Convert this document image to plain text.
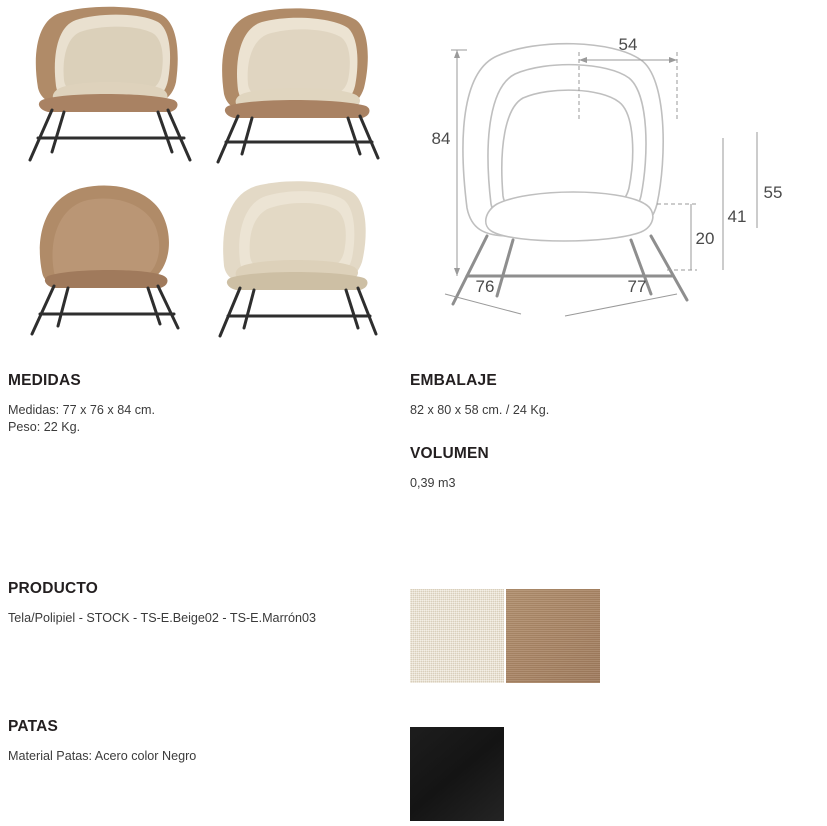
54
84
76	77
20
41
55
MEDIDAS

Medidas: 77 x 76 x 84 cm.

Peso: 22 Kg.

EMBALAJE

82 x 80 x 58 cm. / 24 Kg.

VOLUMEN

0,39 m3

PRODUCTO

Tela/Polipiel - STOCK - TS-E.Beige02 - TS-E.Marrón03

PATAS

Material Patas: Acero color Negro
